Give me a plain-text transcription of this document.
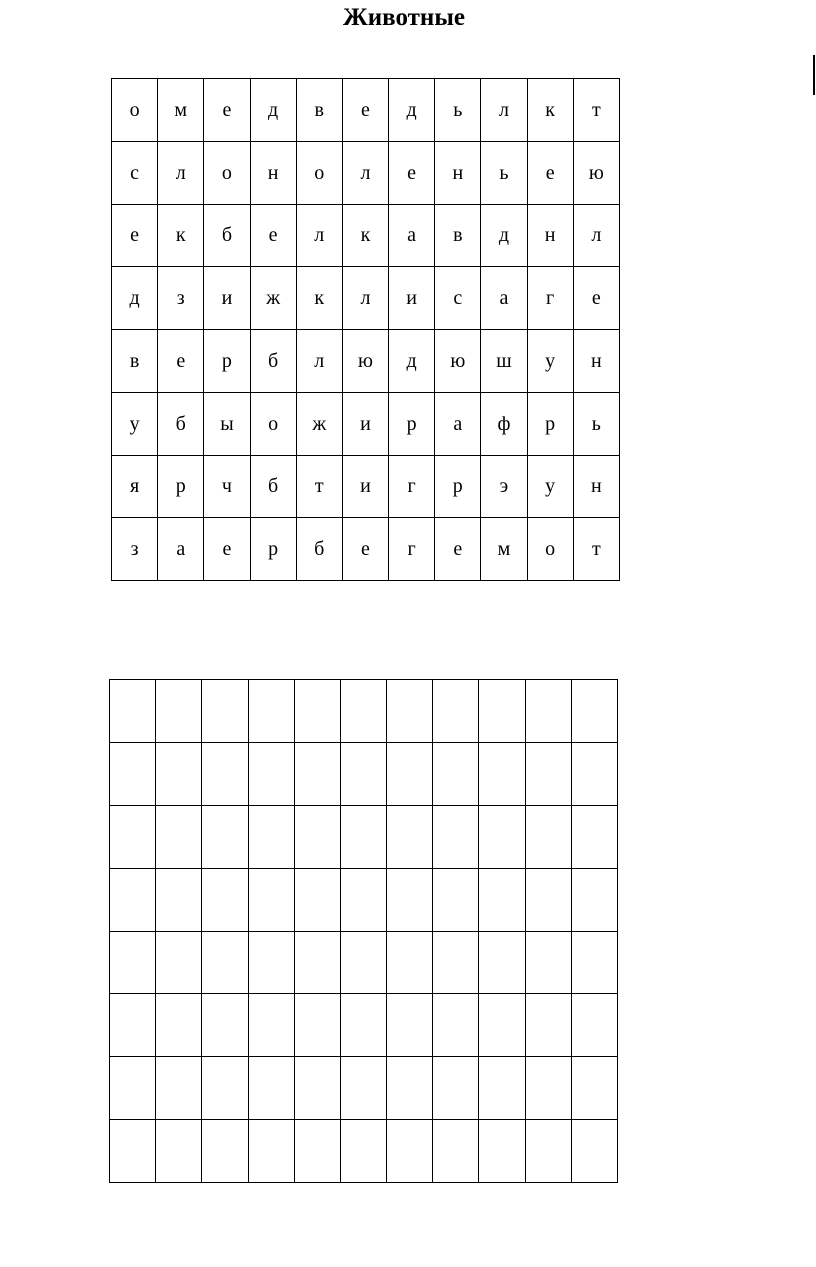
Животные
о	м	е	д	в	е	д	ь	л	к	т
с	л	о	н	о	л	е	н	ь	е	ю
е	к	б	е	л	к	а	в	д	н	л
д	з	и	ж	к	л	и	с	а	г	е
в	е	р	б	л	ю	д	ю	ш	у	н
у	б	ы	о	ж	и	р	а	ф	р	ь
я	р	ч	б	т	и	г	р	э	у	н
з	а	е	р	б	е	г	е	м	о	т
